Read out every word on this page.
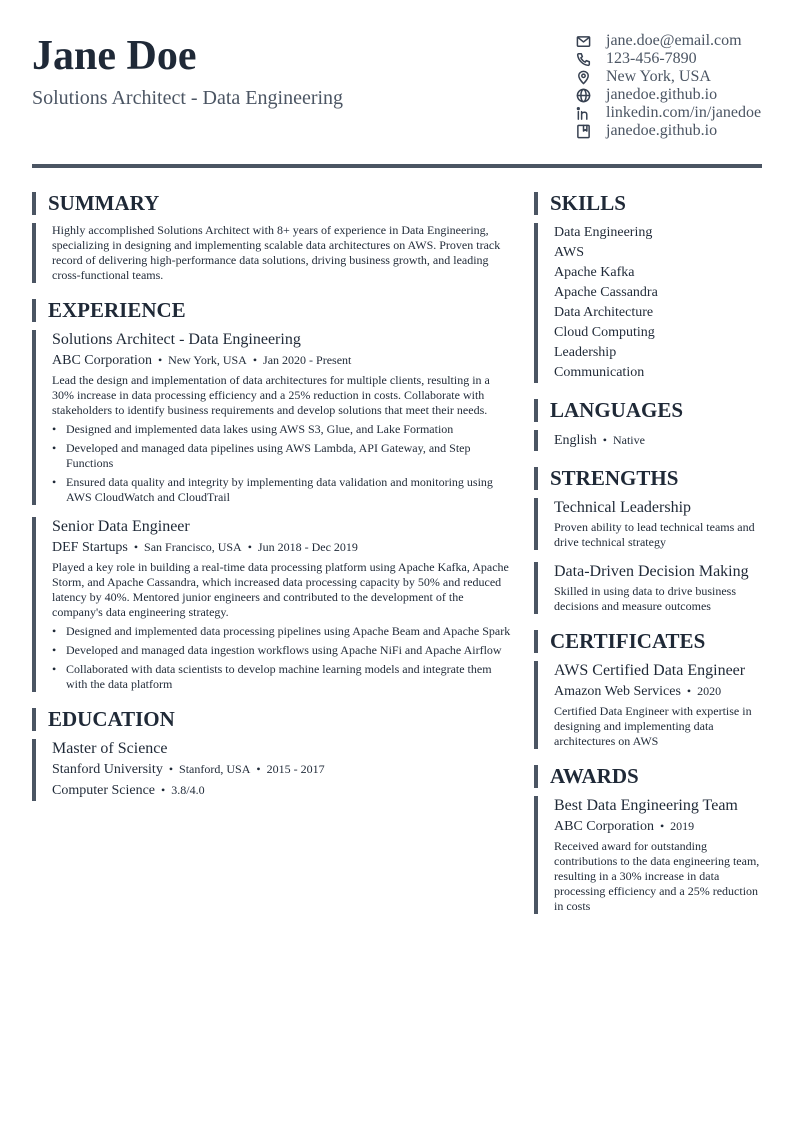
Jane Doe
Solutions Architect - Data Engineering
jane.doe@email.com
123-456-7890
New York, USA
janedoe.github.io
linkedin.com/in/janedoe
janedoe.github.io
SUMMARY
Highly accomplished Solutions Architect with 8+ years of experience in Data Engineering, specializing in designing and implementing scalable data architectures on AWS. Proven track record of delivering high-performance data solutions, driving business growth, and leading cross-functional teams.
EXPERIENCE
Solutions Architect - Data Engineering
ABC Corporation • New York, USA • Jan 2020 - Present
Lead the design and implementation of data architectures for multiple clients, resulting in a 30% increase in data processing efficiency and a 25% reduction in costs. Collaborate with stakeholders to identify business requirements and develop solutions that meet their needs.
• Designed and implemented data lakes using AWS S3, Glue, and Lake Formation
• Developed and managed data pipelines using AWS Lambda, API Gateway, and Step Functions
• Ensured data quality and integrity by implementing data validation and monitoring using AWS CloudWatch and CloudTrail
Senior Data Engineer
DEF Startups • San Francisco, USA • Jun 2018 - Dec 2019
Played a key role in building a real-time data processing platform using Apache Kafka, Apache Storm, and Apache Cassandra, which increased data processing capacity by 50% and reduced latency by 40%. Mentored junior engineers and contributed to the development of the company's data engineering strategy.
• Designed and implemented data processing pipelines using Apache Beam and Apache Spark
• Developed and managed data ingestion workflows using Apache NiFi and Apache Airflow
• Collaborated with data scientists to develop machine learning models and integrate them with the data platform
EDUCATION
Master of Science
Stanford University • Stanford, USA • 2015 - 2017
Computer Science • 3.8/4.0
SKILLS
Data Engineering
AWS
Apache Kafka
Apache Cassandra
Data Architecture
Cloud Computing
Leadership
Communication
LANGUAGES
English • Native
STRENGTHS
Technical Leadership
Proven ability to lead technical teams and drive technical strategy
Data-Driven Decision Making
Skilled in using data to drive business decisions and measure outcomes
CERTIFICATES
AWS Certified Data Engineer
Amazon Web Services • 2020
Certified Data Engineer with expertise in designing and implementing data architectures on AWS
AWARDS
Best Data Engineering Team
ABC Corporation • 2019
Received award for outstanding contributions to the data engineering team, resulting in a 30% increase in data processing efficiency and a 25% reduction in costs
